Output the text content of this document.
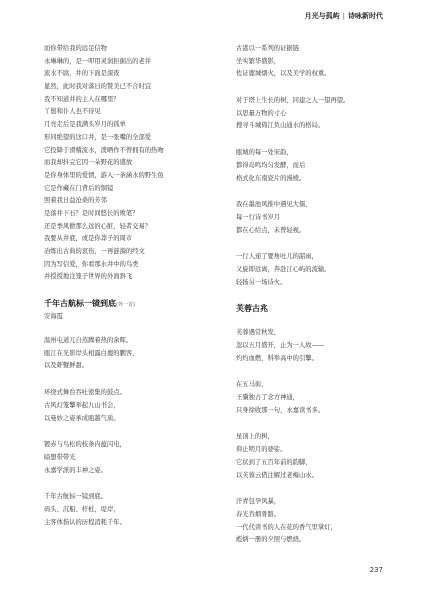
月光与孤屿 | 诗咏新时代
而你带给我的远足信物
永琳琳的，是一叩用灵润拒掘出的老井
流水不腐，井的下面是深夜
显然，此时我对落日的赞美已不合时宜
我不知道井的主人在哪里？
丫鬟和仆人也不待见
月亮走后是我满头岁月的孤单
形同绝望的这口井，是一张嘴的全部爱
它投降于滑稽流水，泼晒作不曾拥有的热吻
而我却抖完它因一朵野花的盛放
是你身体里的爱情，游入一条涵水的野生鱼
它是作藏在门背后的铜镜
照着我日益沧桑的芳邻
是落井下石？是时间悠长的败笔？
还是季风掀那么远的心脏，轻者交易？
我要从井底，或是你莽子的周市
冶炼出古典的衷伤，一再涟漪的经文
因为写信爱，你看那水井中的鸟类
并授授地注笼子世界的外面斜飞
千年古航标一镜到底(外一首)
安海霞
温州屯道兀自蒸腾着热的余晖。
瓯江在光影岸头相露白鹿的鹏客，
以及虾蟹鲜甜。
环绕式舞台吞吐密集的鼓点。
古风灯笼擎举起九山书会，
以曼妙之姿承成瓯越气质。
镀赤与鸟松的枝条内蕴闪电，
暗想带带光
永嘉学派的丰神之姿。
千年古航标一镜到底。
码头、沉船、杆桩，堤岸，
主客体指认的历程消耗千年。
古港以一系列的证据链
坐实繁华盛影，
佐证鹿城烟火，以及美学的权重。
对于塔上生长的树，同建之人一望再望。
以思量万物的寸心
搜寻斗城倚江负山通水的格局。
瓯城的每一处宋韵，
都得岛鸣均匀发酵，而后
格式化东南瓷片的漫棱。
我在墨池风推中遇见大儒，
每一行诗书岁月
都在心给点，未曾轻视。
一行人递了要角吐儿的韶雨，
又旋即远离，奔赴江心屿的流输。
轻扬另一场诗火。
芙蓉古兆
芙蓉遇常秋发，
忽以五月盛开，止为一人故——
灼灼血燃，科举高中的引擎。
在五马街，
王骥独占了念方神通，
只身徐收那一句，永嘉读书多。
星顶上的树，
仰止明月的婆娑。
它状到了五百年前的韵脚，
以芙蓉云借注解过老梅山水。
汗青包孕风暴，
春光吞烟骨骼。
一代代读书的人在花的香气里掌灯，
彪炳一册的夕照与燃烧。
237
